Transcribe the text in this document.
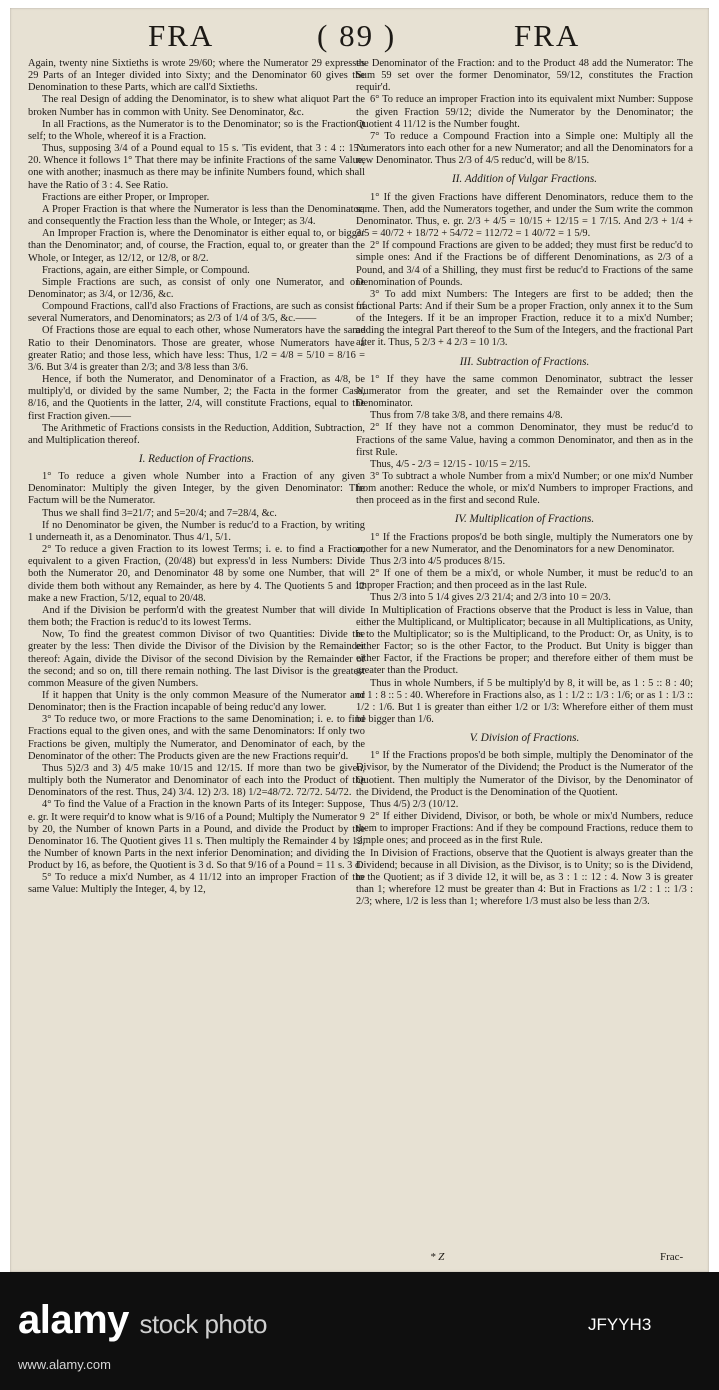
FRA	( 89 )	FRA

Again, twenty nine Sixtieths is wrote 29/60; where the Numerator 29 expresses 29 Parts of an Integer divided into Sixty; and the Denominator 60 gives the Denomination to these Parts, which are call'd Sixtieths.

The real Design of adding the Denominator, is to shew what aliquot Part the broken Number has in common with Unity. See Denominator, &c.

In all Fractions, as the Numerator is to the Denominator; so is the Fraction it self; to the Whole, whereof it is a Fraction.

Thus, supposing 3/4 of a Pound equal to 15 s. 'Tis evident, that 3 : 4 :: 15 : 20. Whence it follows 1° That there may be infinite Fractions of the same Value, one with another; inasmuch as there may be infinite Numbers found, which shall have the Ratio of 3 : 4. See Ratio.

Fractions are either Proper, or Improper.

A Proper Fraction is that where the Numerator is less than the Denominator; and consequently the Fraction less than the Whole, or Integer; as 3/4.

An Improper Fraction is, where the Denominator is either equal to, or bigger than the Denominator; and, of course, the Fraction, equal to, or greater than the Whole, or Integer, as 12/12, or 12/8, or 8/2.

Fractions, again, are either Simple, or Compound.

Simple Fractions are such, as consist of only one Numerator, and one Denominator; as 3/4, or 12/36, &c.

Compound Fractions, call'd also Fractions of Fractions, are such as consist of several Numerators, and Denominators; as 2/3 of 1/4 of 3/5, &c.——

Of Fractions those are equal to each other, whose Numerators have the same Ratio to their Denominators. Those are greater, whose Numerators have a greater Ratio; and those less, which have less: Thus, 1/2 = 4/8 = 5/10 = 8/16 = 3/6. But 3/4 is greater than 2/3; and 3/8 less than 3/6.

Hence, if both the Numerator, and Denominator of a Fraction, as 4/8, be multiply'd, or divided by the same Number, 2; the Facta in the former Case, 8/16, and the Quotients in the latter, 2/4, will constitute Fractions, equal to the first Fraction given.——

The Arithmetic of Fractions consists in the Reduction, Addition, Subtraction, and Multiplication thereof.

I. Reduction of Fractions.

1° To reduce a given whole Number into a Fraction of any given Denominator: Multiply the given Integer, by the given Denominator: The Factum will be the Numerator.

Thus we shall find 3=21/7; and 5=20/4; and 7=28/4, &c.

If no Denominator be given, the Number is reduc'd to a Fraction, by writing 1 underneath it, as a Denominator. Thus 4/1, 5/1.

2° To reduce a given Fraction to its lowest Terms; i. e. to find a Fraction, equivalent to a given Fraction, (20/48) but express'd in less Numbers: Divide both the Numerator 20, and Denominator 48 by some one Number, that will divide them both without any Remainder, as here by 4. The Quotients 5 and 12 make a new Fraction, 5/12, equal to 20/48.

And if the Division be perform'd with the greatest Number that will divide them both; the Fraction is reduc'd to its lowest Terms.

Now, To find the greatest common Divisor of two Quantities: Divide the greater by the less: Then divide the Divisor of the Division by the Remainder thereof: Again, divide the Divisor of the second Division by the Remainder of the second; and so on, till there remain nothing. The last Divisor is the greatest common Measure of the given Numbers.

If it happen that Unity is the only common Measure of the Numerator and Denominator; then is the Fraction incapable of being reduc'd any lower.

3° To reduce two, or more Fractions to the same Denomination; i. e. to find Fractions equal to the given ones, and with the same Denominators: If only two Fractions be given, multiply the Numerator, and Denominator of each, by the Denominator of the other: The Products given are the new Fractions requir'd.

Thus 5)2/3 and 3) 4/5 make 10/15 and 12/15. If more than two be given, multiply both the Numerator and Denominator of each into the Product of the Denominators of the rest. Thus, 24) 3/4. 12) 2/3. 18) 1/2=48/72. 72/72. 54/72.

4° To find the Value of a Fraction in the known Parts of its Integer: Suppose, e. gr. It were requir'd to know what is 9/16 of a Pound; Multiply the Numerator 9 by 20, the Number of known Parts in a Pound, and divide the Product by the Denominator 16. The Quotient gives 11 s. Then multiply the Remainder 4 by 12, the Number of known Parts in the next inferior Denomination; and dividing the Product by 16, as before, the Quotient is 3 d. So that 9/16 of a Pound = 11 s. 3 d.

5° To reduce a mix'd Number, as 4 11/12 into an improper Fraction of the same Value: Multiply the Integer, 4, by 12,

the Denominator of the Fraction: and to the Product 48 add the Numerator: The Sum 59 set over the former Denominator, 59/12, constitutes the Fraction requir'd.

6° To reduce an improper Fraction into its equivalent mixt Number: Suppose the given Fraction 59/12; divide the Numerator by the Denominator; the Quotient 4 11/12 is the Number fought.

7° To reduce a Compound Fraction into a Simple one: Multiply all the Numerators into each other for a new Numerator; and all the Denominators for a new Denominator. Thus 2/3 of 4/5 reduc'd, will be 8/15.

II. Addition of Vulgar Fractions.

1° If the given Fractions have different Denominators, reduce them to the same. Then, add the Numerators together, and under the Sum write the common Denominator. Thus, e. gr. 2/3 + 4/5 = 10/15 + 12/15 = 1 7/15. And 2/3 + 1/4 + 3/5 = 40/72 + 18/72 + 54/72 = 112/72 = 1 40/72 = 1 5/9.

2° If compound Fractions are given to be added; they must first be reduc'd to simple ones: And if the Fractions be of different Denominations, as 2/3 of a Pound, and 3/4 of a Shilling, they must first be reduc'd to Fractions of the same Denomination of Pounds.

3° To add mixt Numbers: The Integers are first to be added; then the fractional Parts: And if their Sum be a proper Fraction, only annex it to the Sum of the Integers. If it be an improper Fraction, reduce it to a mix'd Number; adding the integral Part thereof to the Sum of the Integers, and the fractional Part after it. Thus, 5 2/3 + 4 2/3 = 10 1/3.

III. Subtraction of Fractions.

1° If they have the same common Denominator, subtract the lesser Numerator from the greater, and set the Remainder over the common Denominator.

Thus from 7/8 take 3/8, and there remains 4/8.

2° If they have not a common Denominator, they must be reduc'd to Fractions of the same Value, having a common Denominator, and then as in the first Rule.

Thus, 4/5 - 2/3 = 12/15 - 10/15 = 2/15.

3° To subtract a whole Number from a mix'd Number; or one mix'd Number from another: Reduce the whole, or mix'd Numbers to improper Fractions, and then proceed as in the first and second Rule.

IV. Multiplication of Fractions.

1° If the Fractions propos'd be both single, multiply the Numerators one by another for a new Numerator, and the Denominators for a new Denominator.

Thus 2/3 into 4/5 produces 8/15.

2° If one of them be a mix'd, or whole Number, it must be reduc'd to an improper Fraction; and then proceed as in the last Rule.

Thus 2/3 into 5 1/4 gives 2/3 21/4; and 2/3 into 10 = 20/3.

In Multiplication of Fractions observe that the Product is less in Value, than either the Multiplicand, or Multiplicator; because in all Multiplications, as Unity, is to the Multiplicator; so is the Multiplicand, to the Product: Or, as Unity, is to either Factor; so is the other Factor, to the Product. But Unity is bigger than either Factor, if the Fractions be proper; and therefore either of them must be greater than the Product.

Thus in whole Numbers, if 5 be multiply'd by 8, it will be, as 1 : 5 :: 8 : 40; or 1 : 8 :: 5 : 40. Wherefore in Fractions also, as 1 : 1/2 :: 1/3 : 1/6; or as 1 : 1/3 :: 1/2 : 1/6. But 1 is greater than either 1/2 or 1/3: Wherefore either of them must be bigger than 1/6.

V. Division of Fractions.

1° If the Fractions propos'd be both simple, multiply the Denominator of the Divisor, by the Numerator of the Dividend; the Product is the Numerator of the Quotient. Then multiply the Numerator of the Divisor, by the Denominator of the Dividend, the Product is the Denomination of the Quotient.

Thus 4/5) 2/3 (10/12.

2° If either Dividend, Divisor, or both, be whole or mix'd Numbers, reduce them to improper Fractions: And if they be compound Fractions, reduce them to simple ones; and proceed as in the first Rule.

In Division of Fractions, observe that the Quotient is always greater than the Dividend; because in all Division, as the Divisor, is to Unity; so is the Dividend, to the Quotient; as if 3 divide 12, it will be, as 3 : 1 :: 12 : 4. Now 3 is greater than 1; wherefore 12 must be greater than 4: But in Fractions as 1/2 : 1 :: 1/3 : 2/3; where, 1/2 is less than 1; wherefore 1/3 must also be less than 2/3.

* Z	Frac-
alamy stock photo	JFYYH3
www.alamy.com
